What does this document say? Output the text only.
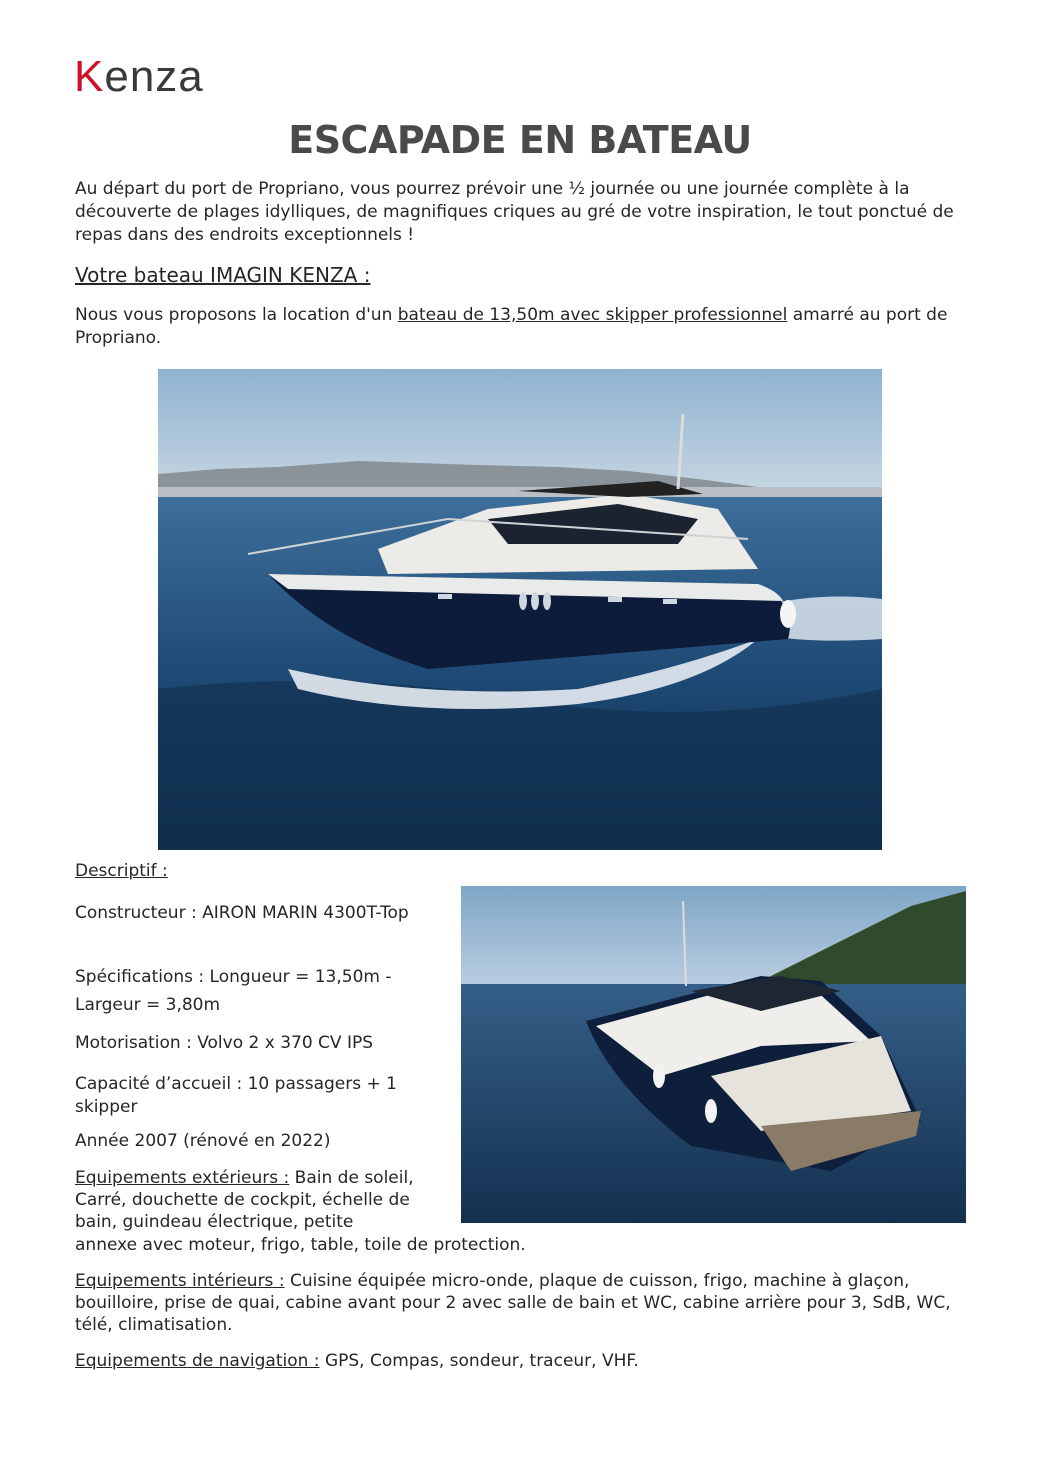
Kenza
ESCAPADE EN BATEAU

Au départ du port de Propriano, vous pourrez prévoir une ½ journée ou une journée complète à la découverte de plages idylliques, de magnifiques criques au gré de votre inspiration, le tout ponctué de repas dans des endroits exceptionnels !

Votre bateau IMAGIN KENZA :

Nous vous proposons la location d'un bateau de 13,50m avec skipper professionnel amarré au port de Propriano.

Descriptif :

Constructeur : AIRON MARIN 4300T-Top

Spécifications : Longueur = 13,50m - Largeur = 3,80m

Motorisation : Volvo 2 x 370 CV IPS

Capacité d’accueil : 10 passagers + 1 skipper

Année 2007 (rénové en 2022)

Equipements extérieurs : Bain de soleil, Carré, douchette de cockpit, échelle de bain, guindeau électrique, petite

annexe avec moteur, frigo, table, toile de protection.

Equipements intérieurs : Cuisine équipée micro-onde, plaque de cuisson, frigo, machine à glaçon, bouilloire, prise de quai, cabine avant pour 2 avec salle de bain et WC, cabine arrière pour 3, SdB, WC, télé, climatisation.

Equipements de navigation : GPS, Compas, sondeur, traceur, VHF.
